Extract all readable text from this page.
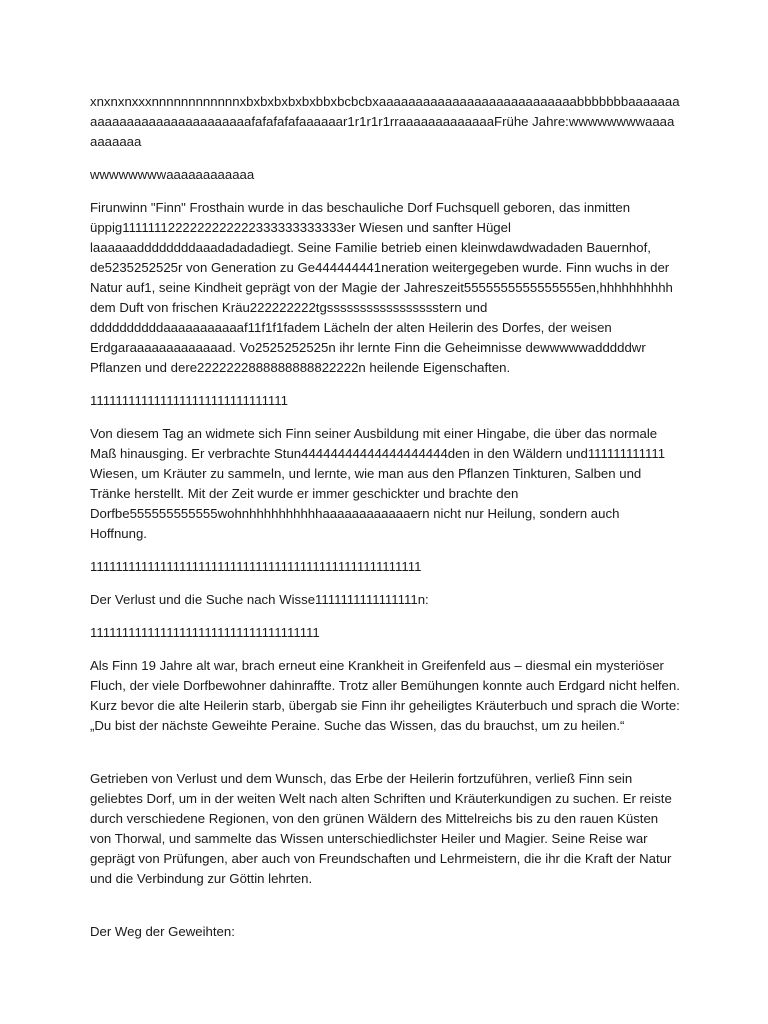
xnxnxnxxxnnnnnnnnnnnnxbxbxbxbxbxbbxbcbcbxaaaaaaaaaaaaaaaaaaaaaaaaaaabbbbbbbaaaaaaaaaaaaaaaaaaaaaaaaaaaaafafafafafaaaaaar1r1r1r1rraaaaaaaaaaaaaFrühe Jahre:wwwwwwwwaaaaaaaaaaa

wwwwwwwwaaaaaaaaaaaa

Firunwinn "Finn" Frosthain wurde in das beschauliche Dorf Fuchsquell geboren, das inmitten üppig1111111222222222222333333333333er Wiesen und sanfter Hügel laaaaaaddddddddaaadadadadiegt. Seine Familie betrieb einen kleinwdawdwadaden Bauernhof, de5235252525r von Generation zu Ge444444441neration weitergegeben wurde. Finn wuchs in der Natur auf1, seine Kindheit geprägt von der Magie der Jahreszeit5555555555555555en,hhhhhhhhhh dem Duft von frischen Kräu222222222tgssssssssssssssssstern und ddddddddddaaaaaaaaaaaf11f1f1fadem Lächeln der alten Heilerin des Dorfes, der weisen Erdgaraaaaaaaaaaaaad. Vo2525252525n ihr lernte Finn die Geheimnisse dewwwwwadddddwr Pflanzen und dere2222222888888888822222n heilende Eigenschaften.

1111111111111111111111111111111

Von diesem Tag an widmete sich Finn seiner Ausbildung mit einer Hingabe, die über das normale Maß hinausging. Er verbrachte Stun44444444444444444444den in den Wäldern und111111111111 Wiesen, um Kräuter zu sammeln, und lernte, wie man aus den Pflanzen Tinkturen, Salben und Tränke herstellt. Mit der Zeit wurde er immer geschickter und brachte den Dorfbe555555555555wohnhhhhhhhhhhaaaaaaaaaaaaern nicht nur Heilung, sondern auch Hoffnung.

1111111111111111111111111111111111111111111111111111

Der Verlust und die Suche nach Wisse1111111111111111n:

111111111111111111111111111111111111

Als Finn 19 Jahre alt war, brach erneut eine Krankheit in Greifenfeld aus – diesmal ein mysteriöser Fluch, der viele Dorfbewohner dahinraffte. Trotz aller Bemühungen konnte auch Erdgard nicht helfen. Kurz bevor die alte Heilerin starb, übergab sie Finn ihr geheiligtes Kräuterbuch und sprach die Worte: „Du bist der nächste Geweihte Peraine. Suche das Wissen, das du brauchst, um zu heilen.“

Getrieben von Verlust und dem Wunsch, das Erbe der Heilerin fortzuführen, verließ Finn sein geliebtes Dorf, um in der weiten Welt nach alten Schriften und Kräuterkundigen zu suchen. Er reiste durch verschiedene Regionen, von den grünen Wäldern des Mittelreichs bis zu den rauen Küsten von Thorwal, und sammelte das Wissen unterschiedlichster Heiler und Magier. Seine Reise war geprägt von Prüfungen, aber auch von Freundschaften und Lehrmeistern, die ihr die Kraft der Natur und die Verbindung zur Göttin lehrten.

Der Weg der Geweihten:
